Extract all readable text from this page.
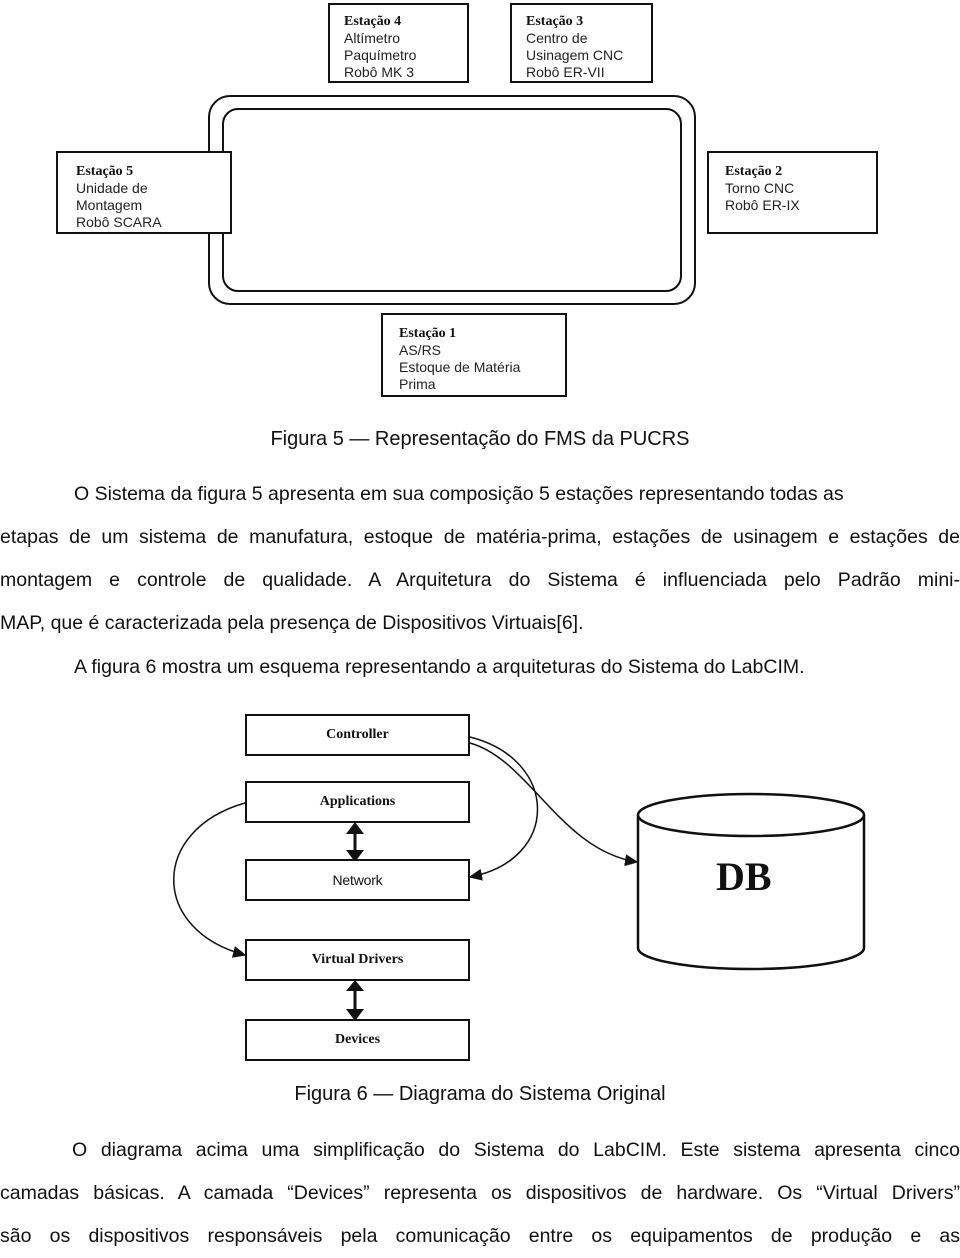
Estação 4
Altímetro
Paquímetro
Robô MK 3
Estação 3
Centro de
Usinagem CNC
Robô ER-VII
Estação 5
Unidade de Montagem
Robô SCARA
Estação 2
Torno CNC
Robô ER-IX
Estação 1
AS/RS
Estoque de Matéria Prima
Figura 5 — Representação do FMS da PUCRS
O Sistema da figura 5 apresenta em sua composição 5 estações representando todas as
etapas de um sistema de manufatura, estoque de matéria-prima, estações de usinagem e estações de
montagem e controle de qualidade. A Arquitetura do Sistema é influenciada pelo Padrão mini-
MAP, que é caracterizada pela presença de Dispositivos Virtuais[6].
A figura 6 mostra um esquema representando a arquiteturas do Sistema do LabCIM.
Controller
Applications
Network
Virtual Drivers
Devices
DB
Figura 6 — Diagrama do Sistema Original
O diagrama acima uma simplificação do Sistema do LabCIM. Este sistema apresenta cinco
camadas básicas. A camada “Devices” representa os dispositivos de hardware. Os “Virtual Drivers”
são os dispositivos responsáveis pela comunicação entre os equipamentos de produção e as
